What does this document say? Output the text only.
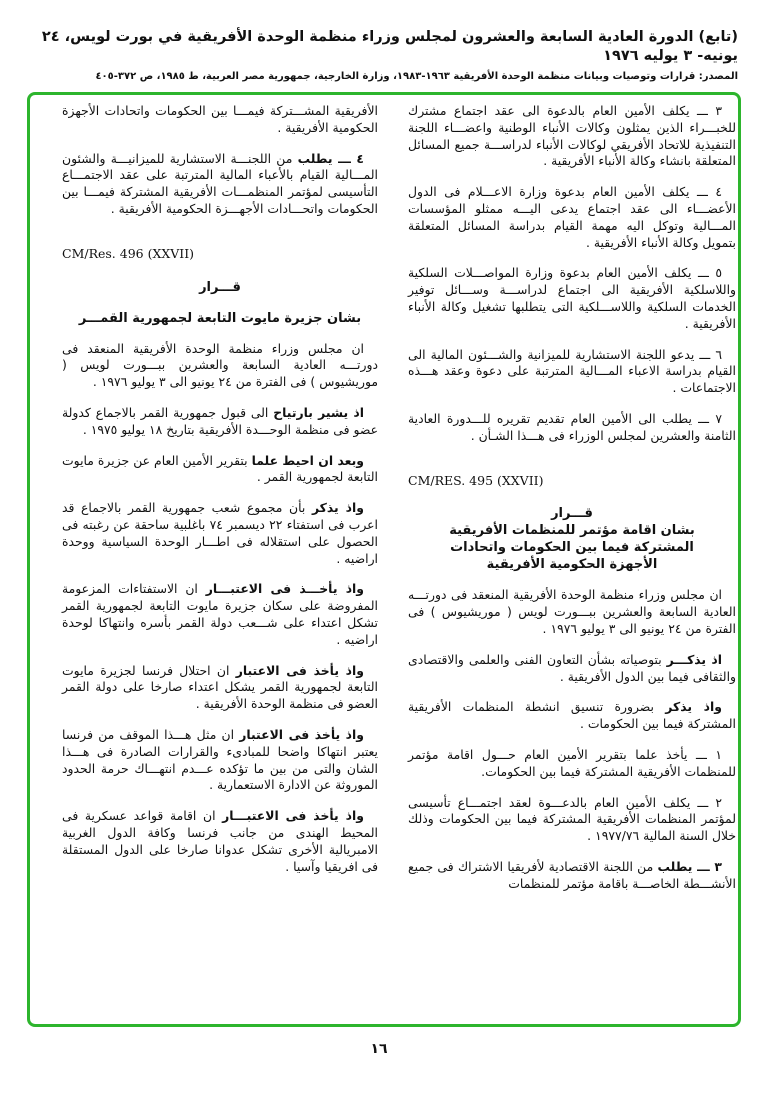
(تابع) الدورة العادية السابعة والعشرون لمجلس وزراء منظمة الوحدة الأفريقية في بورت لويس، ٢٤ يونيه- ٣ يوليه ١٩٧٦
المصدر: قرارات وتوصيات وبيانات منظمة الوحدة الأفريقية ١٩٦٣-١٩٨٣، وزارة الخارجية، جمهورية مصر العربية، ط ١٩٨٥، ص ٣٧٢-٤٠٥
٣ ـــ يكلف الأمين العام بالدعوة الى عقد اجتماع مشترك للخبـــراء الذين يمثلون وكالات الأنباء الوطنية واعضـــاء اللجنة التنفيذية للاتحاد الأفريقي لوكالات الأنباء لدراســـة جميع المسائل المتعلقة بانشاء وكالة الأنباء الأفريقية .
٤ ـــ يكلف الأمين العام بدعوة وزارة الاعـــلام فى الدول الأعضـــاء الى عقد اجتماع يدعى اليـــه ممثلو المؤسسات المـــالية وتوكل اليه مهمة القيام بدراسة المسائل المتعلقة بتمويل وكالة الأنباء الأفريقية .
٥ ـــ يكلف الأمين العام بدعوة وزارة المواصـــلات السلكية واللاسلكية الأفريقية الى اجتماع لدراســـة وســـائل توفير الخدمات السلكية واللاســـلكية التى يتطلبها تشغيل وكالة الأنباء الأفريقية .
٦ ـــ يدعو اللجنة الاستشارية للميزانية والشـــئون المالية الى القيام بدراسة الاعباء المـــالية المترتبة على دعوة وعقد هـــذه الاجتماعات .
٧ ـــ يطلب الى الأمين العام تقديم تقريره للـــدورة العادية الثامنة والعشرين لمجلس الوزراء فى هـــذا الشـأن .
CM/RES. 495 (XXVII)
قـــرار
بشان اقامة مؤتمر للمنظمات الأفريقية
المشتركة فيما بين الحكومات واتحادات
الأجهزة الحكومية الأفريقية
ان مجلس وزراء منظمة الوحدة الأفريقية المنعقد فى دورتـــه العادية السابعة والعشرين ببـــورت لويس ( موريشيوس ) فى الفترة من ٢٤ يونيو الى ٣ يوليو ١٩٧٦ .
اذ يذكـــر بتوصياته بشأن التعاون الفنى والعلمى والاقتصادى والثقافى فيما بين الدول الأفريقية .
واذ يذكر بضرورة تنسيق انشطة المنظمات الأفريقية المشتركة فيما بين الحكومات .
١ ـــ يأخذ علما بتقرير الأمين العام حـــول اقامة مؤتمر للمنظمات الأفريقية المشتركة فيما بين الحكومات.
٢ ـــ يكلف الأمين العام بالدعـــوة لعقد اجتمـــاع تأسيسى لمؤتمر المنظمات الأفريقية المشتركة فيما بين الحكومات وذلك خلال السنة المالية ١٩٧٧/٧٦ .
٣ ـــ يطلب من اللجنة الاقتصادية لأفريقيا الاشتراك فى جميع الأنشـــطة الخاصـــة باقامة مؤتمر للمنظمات
الأفريقية المشـــتركة فيمـــا بين الحكومات واتحادات الأجهزة الحكومية الأفريقية .
٤ ـــ يطلب من اللجنـــة الاستشارية للميزانيـــة والشئون المـــالية القيام بالأعباء المالية المترتبة على عقد الاجتمـــاع التأسيسى لمؤتمر المنظمـــات الأفريقية المشتركة فيمـــا بين الحكومات واتحـــادات الأجهـــزة الحكومية الأفريقية .
CM/Res. 496 (XXVII)
قـــرار
بشان جزيرة مايوت التابعة لجمهورية القمـــر
ان مجلس وزراء منظمة الوحدة الأفريقية المنعقد فى دورتـــه العادية السابعة والعشرين ببـــورت لويس ( موريشيوس ) فى الفترة من ٢٤ يونيو الى ٣ يوليو ١٩٧٦ .
اذ يشير بارتياح الى قبول جمهورية القمر بالاجماع كدولة عضو فى منظمة الوحـــدة الأفريقية بتاريخ ١٨ يوليو ١٩٧٥ .
وبعد ان احيط علما بتقرير الأمين العام عن جزيرة مايوت التابعة لجمهورية القمر .
واذ يذكر بأن مجموع شعب جمهورية القمر بالاجماع قد اعرب فى استفتاء ٢٢ ديسمبر ٧٤ باغلبية ساحقة عن رغبته فى الحصول على استقلاله فى اطـــار الوحدة السياسية ووحدة اراضيه .
واذ يأخـــذ فى الاعتبـــار ان الاستفتاءات المزعومة المفروضة على سكان جزيرة مايوت التابعة لجمهورية القمر تشكل اعتداء على شـــعب دولة القمر بأسره وانتهاكا لوحدة اراضيه .
واذ يأخذ فى الاعتبار ان احتلال فرنسا لجزيرة مايوت التابعة لجمهورية القمر يشكل اعتداء صارخا على دولة القمر العضو فى منظمة الوحدة الأفريقية .
واذ يأخذ فى الاعتبار ان مثل هـــذا الموقف من فرنسا يعتبر انتهاكا واضحا للمبادىء والقرارات الصادرة فى هـــذا الشان والتى من بين ما تؤكده عـــدم انتهـــاك حرمة الحدود الموروثة عن الادارة الاستعمارية .
واذ يأخذ فى الاعتبـــار ان اقامة قواعد عسكرية فى المحيط الهندى من جانب فرنسا وكافة الدول الغربية الامبريالية الأخرى تشكل عدوانا صارخا على الدول المستقلة فى افريقيا وآسيا .
١٦
